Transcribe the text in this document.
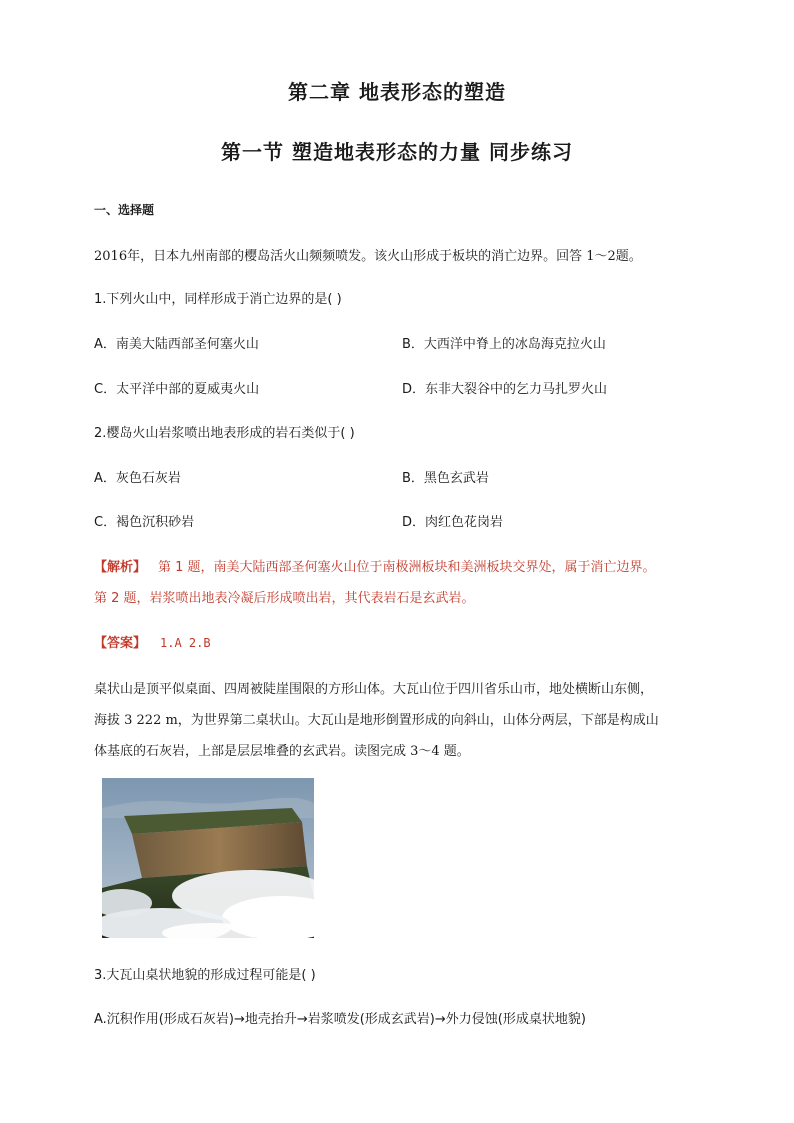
第二章 地表形态的塑造
第一节 塑造地表形态的力量 同步练习
一、选择题
2016年，日本九州南部的樱岛活火山频频喷发。该火山形成于板块的消亡边界。回答 1～2题。
1.下列火山中，同样形成于消亡边界的是( )
A．南美大陆西部圣何塞火山	B．大西洋中脊上的冰岛海克拉火山
C．太平洋中部的夏威夷火山	D．东非大裂谷中的乞力马扎罗火山
2.樱岛火山岩浆喷出地表形成的岩石类似于( )
A．灰色石灰岩	B．黑色玄武岩
C．褐色沉积砂岩	D．肉红色花岗岩
【解析】 第 1 题，南美大陆西部圣何塞火山位于南极洲板块和美洲板块交界处，属于消亡边界。
第 2 题，岩浆喷出地表冷凝后形成喷出岩，其代表岩石是玄武岩。
【答案】 1.A 2.B
桌状山是顶平似桌面、四周被陡崖围限的方形山体。大瓦山位于四川省乐山市，地处横断山东侧，
海拔 3 222 m，为世界第二桌状山。大瓦山是地形倒置形成的向斜山，山体分两层，下部是构成山
体基底的石灰岩，上部是层层堆叠的玄武岩。读图完成 3～4 题。
3.大瓦山桌状地貌的形成过程可能是( )
A.沉积作用(形成石灰岩)→地壳抬升→岩浆喷发(形成玄武岩)→外力侵蚀(形成桌状地貌)
